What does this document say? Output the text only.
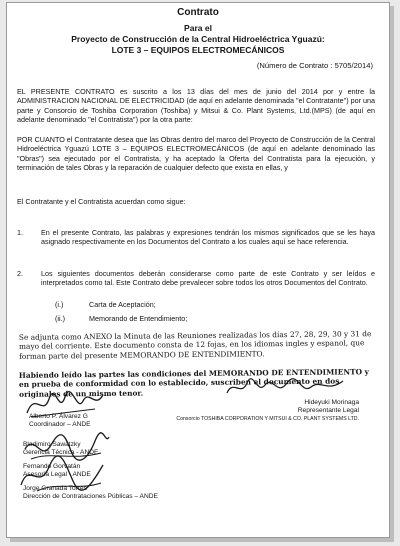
Contrato
Para el
Proyecto de Construcción de la Central Hidroeléctrica Yguazú:
LOTE 3 – EQUIPOS ELECTROMECÁNICOS
(Número de Contrato : 5705/2014)
EL PRESENTE CONTRATO es suscrito a los 13 días del mes de junio del 2014 por y entre la ADMINISTRACION NACIONAL DE ELECTRICIDAD (de aquí en adelante denominada "el Contratante") por una parte y Consorcio de Toshiba Corporation (Toshiba) y Mitsui & Co. Plant Systems, Ltd.(MPS) (de aquí en adelante denominado "el Contratista") por la otra parte:
POR CUANTO el Contratante desea que las Obras dentro del marco del Proyecto de Construcción de la Central Hidroeléctrica Yguazú LOTE 3 – EQUIPOS ELECTROMECÁNICOS (de aquí en adelante denominado las "Obras") sea ejecutado por el Contratista, y ha aceptado la Oferta del Contratista para la ejecución, y terminación de tales Obras y la reparación de cualquier defecto que exista en ellas, y
El Contratante y el Contratista acuerdan como sigue:
1.	En el presente Contrato, las palabras y expresiones tendrán los mismos significados que se les haya asignado respectivamente en los Documentos del Contrato a los cuales aquí se hace referencia.
2.	Los siguientes documentos deberán considerarse como parte de este Contrato y ser leídos e interpretados como tal. Este Contrato debe prevalecer sobre todos los otros Documentos del Contrato.
(i.)	Carta de Aceptación;
(ii.)	Memorando de Entendimiento;
Se adjunta como ANEXO la Minuta de las Reuniones realizadas los días 27, 28, 29, 30 y 31 de mayo del corriente. Este documento consta de 12 fojas, en los idiomas ingles y espanol, que forman parte del presente MEMORANDO DE ENTENDIMIENTO.
Habiendo leído las partes las condiciones del MEMORANDO DE ENTENDIMIENTO y en prueba de conformidad con lo establecido, suscriben el documento en dos originales de un mismo tenor.
Alberto P. Álvarez G
Coordinador – ANDE
Bladimiro Sawatzky
Gerencia Técnica - ANDE
Fernando Gorvatán
Asesoría Legal - ANDE
Jorge Granada Torres
Dirección de Contrataciones Públicas – ANDE
Hideyuki Morinaga
Representante Legal
Consorcio TOSHIBA CORPORATION Y MITSUI & CO. PLANT SYSTEMS LTD.
